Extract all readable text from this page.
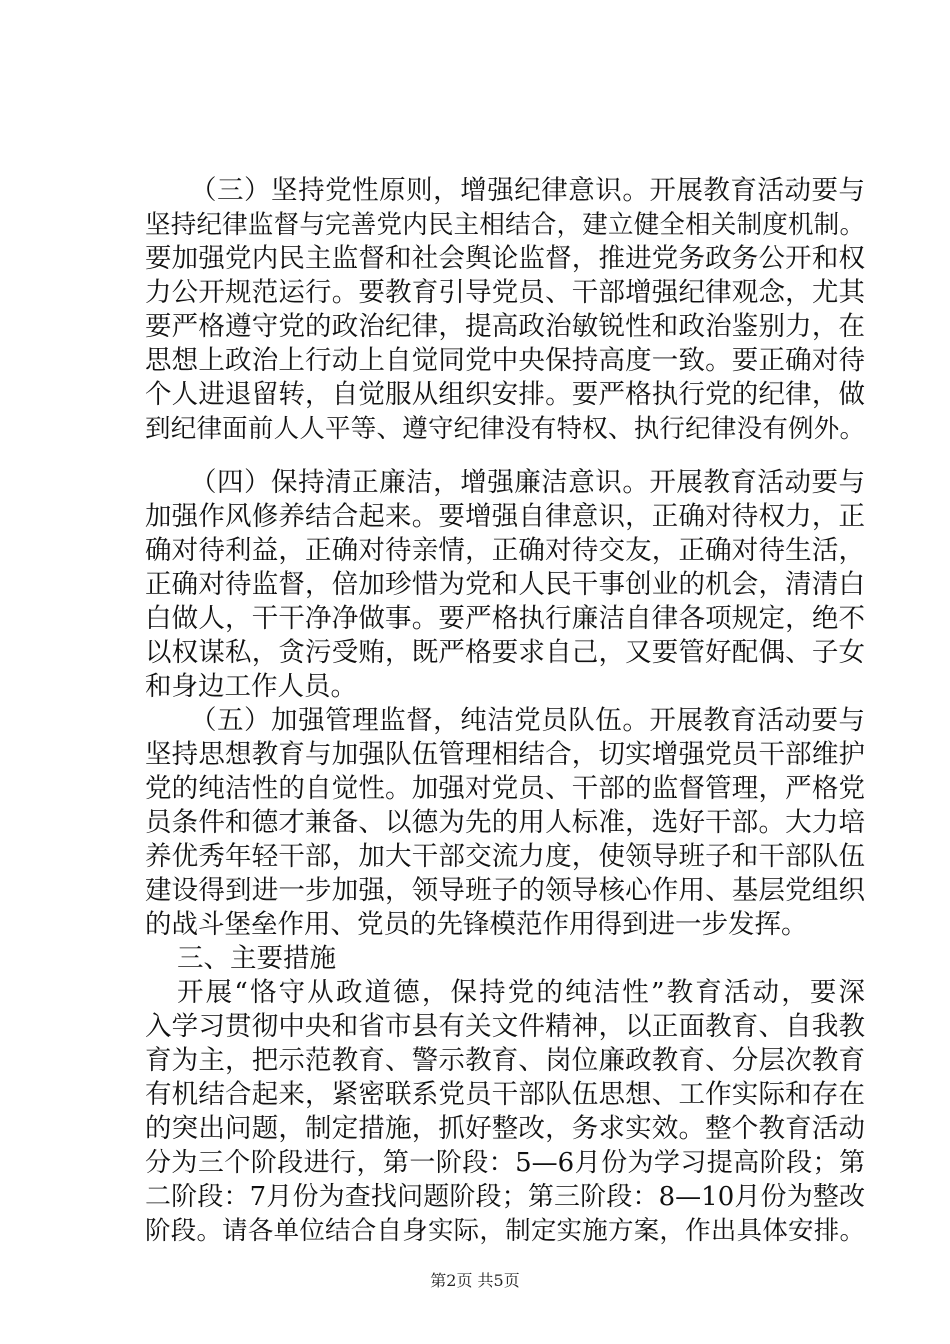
（三）坚持党性原则，增强纪律意识。开展教育活动要与
坚持纪律监督与完善党内民主相结合，建立健全相关制度机制。
要加强党内民主监督和社会舆论监督，推进党务政务公开和权
力公开规范运行。要教育引导党员、干部增强纪律观念，尤其
要严格遵守党的政治纪律，提高政治敏锐性和政治鉴别力，在
思想上政治上行动上自觉同党中央保持高度一致。要正确对待
个人进退留转，自觉服从组织安排。要严格执行党的纪律，做
到纪律面前人人平等、遵守纪律没有特权、执行纪律没有例外。
（四）保持清正廉洁，增强廉洁意识。开展教育活动要与
加强作风修养结合起来。要增强自律意识，正确对待权力，正
确对待利益，正确对待亲情，正确对待交友，正确对待生活，
正确对待监督，倍加珍惜为党和人民干事创业的机会，清清白
白做人，干干净净做事。要严格执行廉洁自律各项规定，绝不
以权谋私，贪污受贿，既严格要求自己，又要管好配偶、子女
和身边工作人员。
（五）加强管理监督，纯洁党员队伍。开展教育活动要与
坚持思想教育与加强队伍管理相结合，切实增强党员干部维护
党的纯洁性的自觉性。加强对党员、干部的监督管理，严格党
员条件和德才兼备、以德为先的用人标准，选好干部。大力培
养优秀年轻干部，加大干部交流力度，使领导班子和干部队伍
建设得到进一步加强，领导班子的领导核心作用、基层党组织
的战斗堡垒作用、党员的先锋模范作用得到进一步发挥。
三、主要措施
开展“恪守从政道德，保持党的纯洁性”教育活动，要深
入学习贯彻中央和省市县有关文件精神，以正面教育、自我教
育为主，把示范教育、警示教育、岗位廉政教育、分层次教育
有机结合起来，紧密联系党员干部队伍思想、工作实际和存在
的突出问题，制定措施，抓好整改，务求实效。整个教育活动
分为三个阶段进行，第一阶段：5—6月份为学习提高阶段；第
二阶段：7月份为查找问题阶段；第三阶段：8—10月份为整改
阶段。请各单位结合自身实际，制定实施方案，作出具体安排。
第2页 共5页
